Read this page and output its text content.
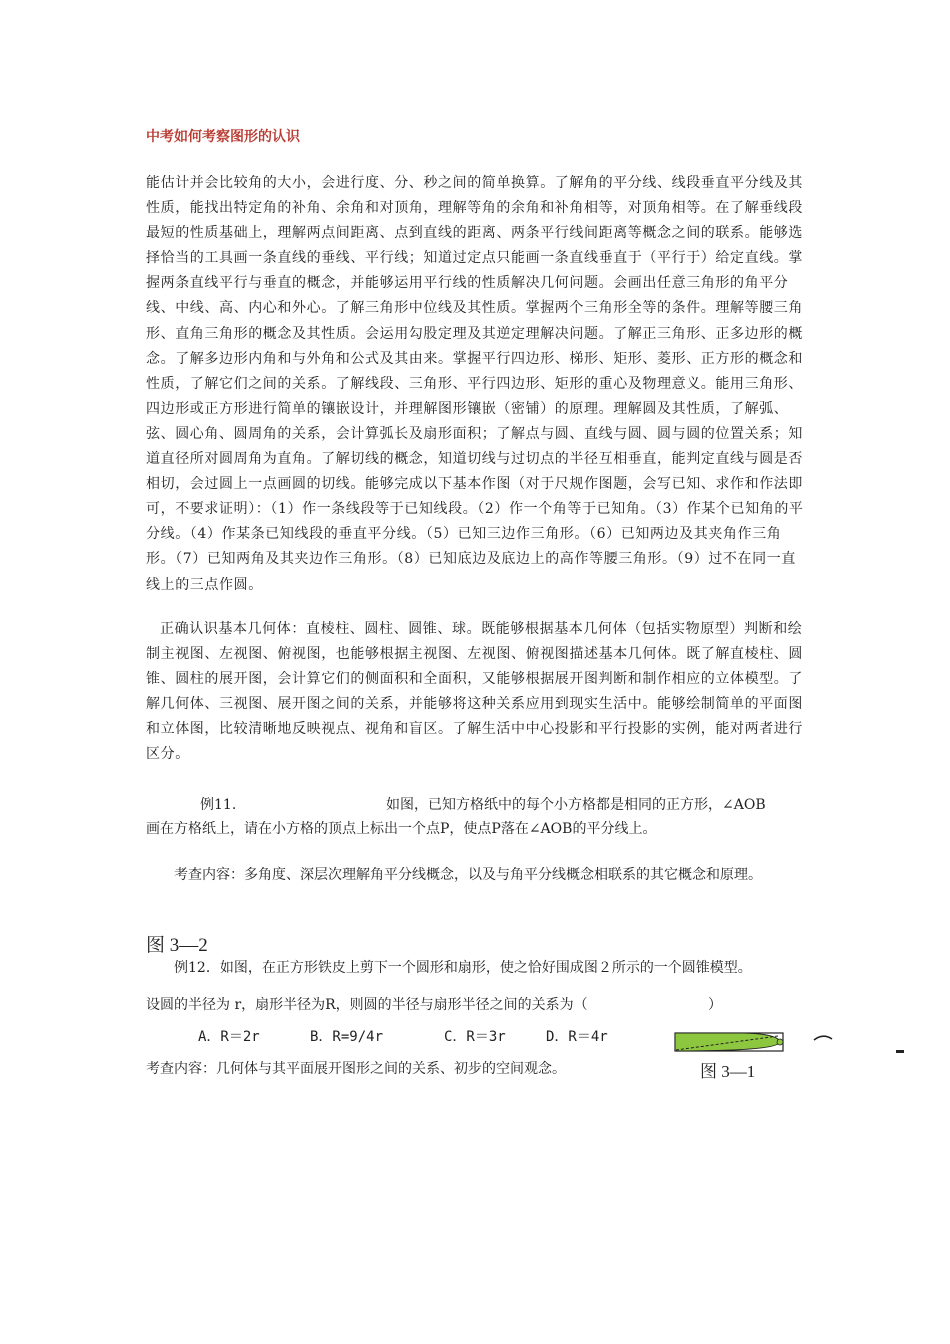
中考如何考察图形的认识
能估计并会比较角的大小，会进行度、分、秒之间的简单换算。了解角的平分线、线段垂直平分线及其性质，能找出特定角的补角、余角和对顶角，理解等角的余角和补角相等，对顶角相等。在了解垂线段最短的性质基础上，理解两点间距离、点到直线的距离、两条平行线间距离等概念之间的联系。能够选择恰当的工具画一条直线的垂线、平行线；知道过定点只能画一条直线垂直于（平行于）给定直线。掌握两条直线平行与垂直的概念，并能够运用平行线的性质解决几何问题。会画出任意三角形的角平分线、中线、高、内心和外心。了解三角形中位线及其性质。掌握两个三角形全等的条件。理解等腰三角形、直角三角形的概念及其性质。会运用勾股定理及其逆定理解决问题。了解正三角形、正多边形的概念。了解多边形内角和与外角和公式及其由来。掌握平行四边形、梯形、矩形、菱形、正方形的概念和性质，了解它们之间的关系。了解线段、三角形、平行四边形、矩形的重心及物理意义。能用三角形、四边形或正方形进行简单的镶嵌设计，并理解图形镶嵌（密铺）的原理。理解圆及其性质，了解弧、弦、圆心角、圆周角的关系，会计算弧长及扇形面积；了解点与圆、直线与圆、圆与圆的位置关系；知道直径所对圆周角为直角。了解切线的概念，知道切线与过切点的半径互相垂直，能判定直线与圆是否相切，会过圆上一点画圆的切线。能够完成以下基本作图（对于尺规作图题，会写已知、求作和作法即可，不要求证明）：（1）作一条线段等于已知线段。（2）作一个角等于已知角。（3）作某个已知角的平分线。（4）作某条已知线段的垂直平分线。（5）已知三边作三角形。（6）已知两边及其夹角作三角形。（7）已知两角及其夹边作三角形。（8）已知底边及底边上的高作等腰三角形。（9）过不在同一直线上的三点作圆。
正确认识基本几何体：直棱柱、圆柱、圆锥、球。既能够根据基本几何体（包括实物原型）判断和绘制主视图、左视图、俯视图，也能够根据主视图、左视图、俯视图描述基本几何体。既了解直棱柱、圆锥、圆柱的展开图，会计算它们的侧面积和全面积，又能够根据展开图判断和制作相应的立体模型。了解几何体、三视图、展开图之间的关系，并能够将这种关系应用到现实生活中。能够绘制简单的平面图和立体图，比较清晰地反映视点、视角和盲区。了解生活中中心投影和平行投影的实例，能对两者进行区分。
例11.	如图，已知方格纸中的每个小方格都是相同的正方形，∠AOB
画在方格纸上，请在小方格的顶点上标出一个点P，使点P落在∠AOB的平分线上。
考查内容：多角度、深层次理解角平分线概念，以及与角平分线概念相联系的其它概念和原理。
图 3—2
例12．如图，在正方形铁皮上剪下一个圆形和扇形，使之恰好围成图２所示的一个圆锥模型。
设圆的半径为 r，扇形半径为R，则圆的半径与扇形半径之间的关系为（	）
A．R＝2r	B．R=9/4r	C．R＝3r	D．R＝4r
考查内容：几何体与其平面展开图形之间的关系、初步的空间观念。	图 3—1
